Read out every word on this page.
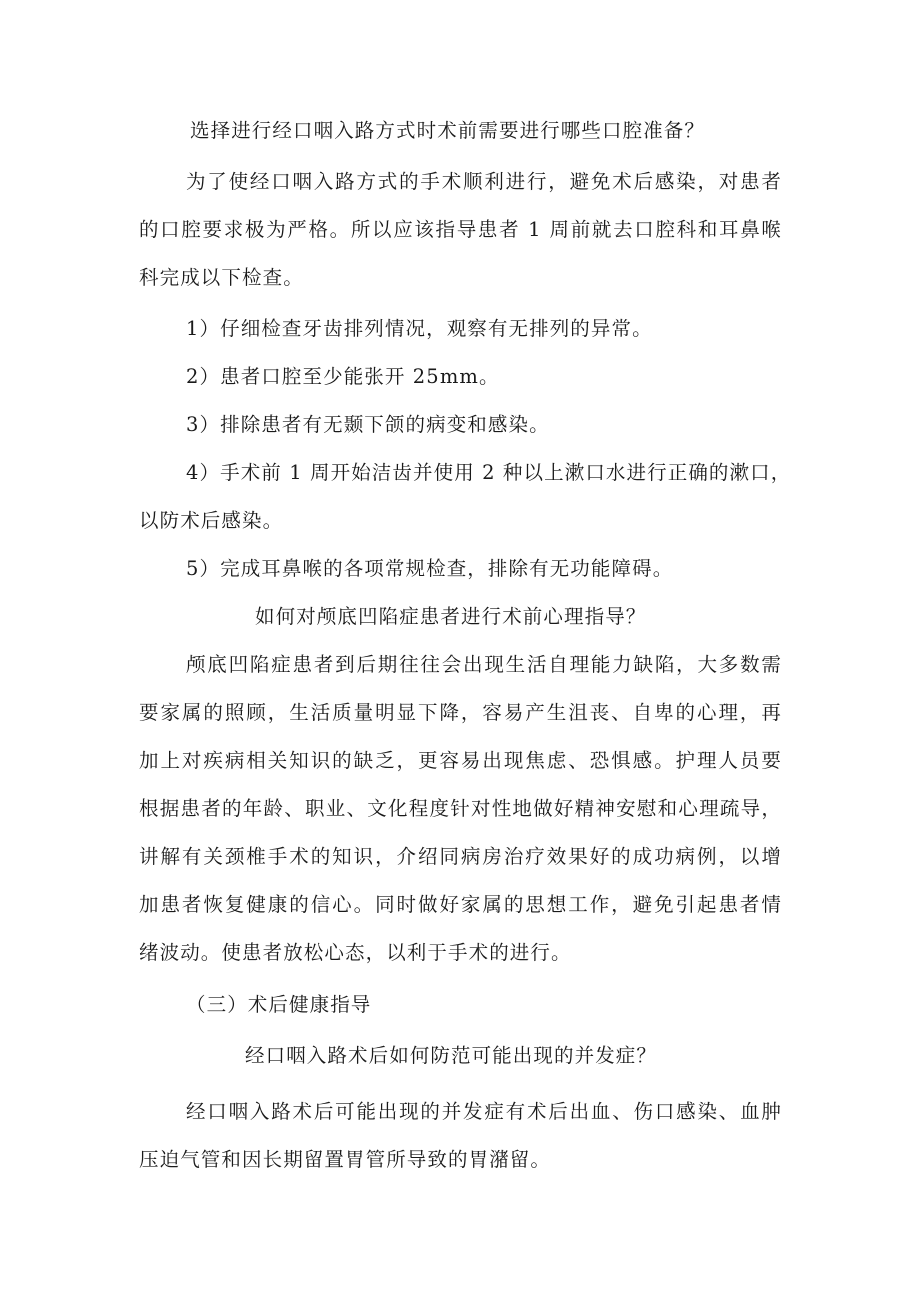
选择进行经口咽入路方式时术前需要进行哪些口腔准备？
为了使经口咽入路方式的手术顺利进行，避免术后感染，对患者
的口腔要求极为严格。所以应该指导患者 1 周前就去口腔科和耳鼻喉
科完成以下检查。
1）仔细检查牙齿排列情况，观察有无排列的异常。
2）患者口腔至少能张开 25mm。
3）排除患者有无颞下颌的病变和感染。
4）手术前 1 周开始洁齿并使用 2 种以上漱口水进行正确的漱口，
以防术后感染。
5）完成耳鼻喉的各项常规检查，排除有无功能障碍。
如何对颅底凹陷症患者进行术前心理指导？
颅底凹陷症患者到后期往往会出现生活自理能力缺陷，大多数需
要家属的照顾，生活质量明显下降，容易产生沮丧、自卑的心理，再
加上对疾病相关知识的缺乏，更容易出现焦虑、恐惧感。护理人员要
根据患者的年龄、职业、文化程度针对性地做好精神安慰和心理疏导，
讲解有关颈椎手术的知识，介绍同病房治疗效果好的成功病例，以增
加患者恢复健康的信心。同时做好家属的思想工作，避免引起患者情
绪波动。使患者放松心态，以利于手术的进行。
（三）术后健康指导
经口咽入路术后如何防范可能出现的并发症？
经口咽入路术后可能出现的并发症有术后出血、伤口感染、血肿
压迫气管和因长期留置胃管所导致的胃潴留。
